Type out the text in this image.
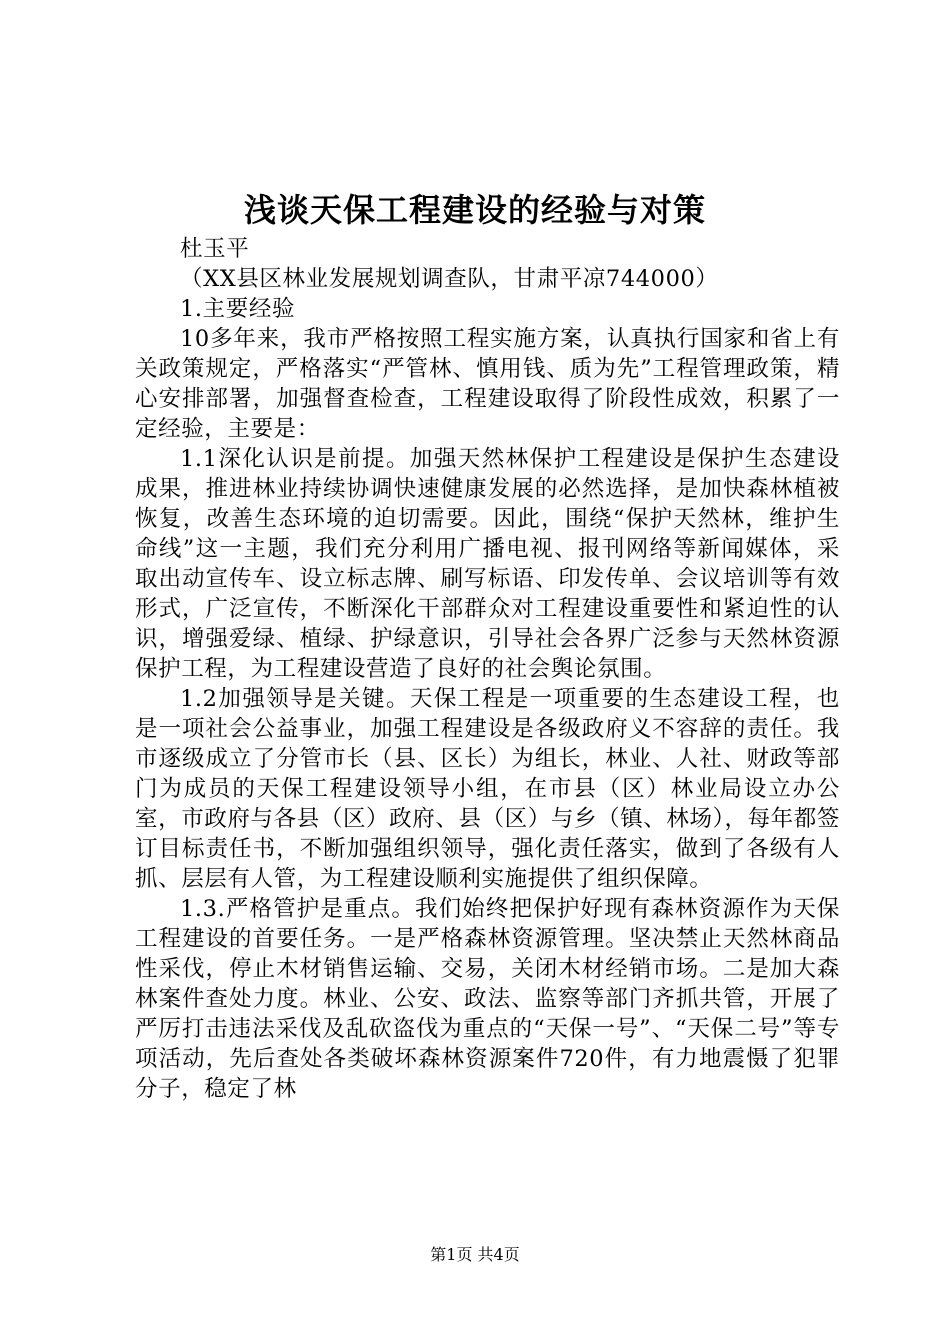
浅谈天保工程建设的经验与对策

杜玉平

（XX县区林业发展规划调查队，甘肃平凉744000）

1.主要经验

10多年来，我市严格按照工程实施方案，认真执行国家和省上有关政策规定，严格落实“严管林、慎用钱、质为先”工程管理政策，精心安排部署，加强督查检查，工程建设取得了阶段性成效，积累了一定经验，主要是：

1.1深化认识是前提。加强天然林保护工程建设是保护生态建设成果，推进林业持续协调快速健康发展的必然选择，是加快森林植被恢复，改善生态环境的迫切需要。因此，围绕“保护天然林，维护生命线”这一主题，我们充分利用广播电视、报刊网络等新闻媒体，采取出动宣传车、设立标志牌、刷写标语、印发传单、会议培训等有效形式，广泛宣传，不断深化干部群众对工程建设重要性和紧迫性的认识，增强爱绿、植绿、护绿意识，引导社会各界广泛参与天然林资源保护工程，为工程建设营造了良好的社会舆论氛围。

1.2加强领导是关键。天保工程是一项重要的生态建设工程，也是一项社会公益事业，加强工程建设是各级政府义不容辞的责任。我市逐级成立了分管市长（县、区长）为组长，林业、人社、财政等部门为成员的天保工程建设领导小组，在市县（区）林业局设立办公室，市政府与各县（区）政府、县（区）与乡（镇、林场），每年都签订目标责任书，不断加强组织领导，强化责任落实，做到了各级有人抓、层层有人管，为工程建设顺利实施提供了组织保障。

1.3.严格管护是重点。我们始终把保护好现有森林资源作为天保工程建设的首要任务。一是严格森林资源管理。坚决禁止天然林商品性采伐，停止木材销售运输、交易，关闭木材经销市场。二是加大森林案件查处力度。林业、公安、政法、监察等部门齐抓共管，开展了严厉打击违法采伐及乱砍盗伐为重点的“天保一号”、“天保二号”等专项活动，先后查处各类破坏森林资源案件720件，有力地震慑了犯罪分子，稳定了林

第1页 共4页
